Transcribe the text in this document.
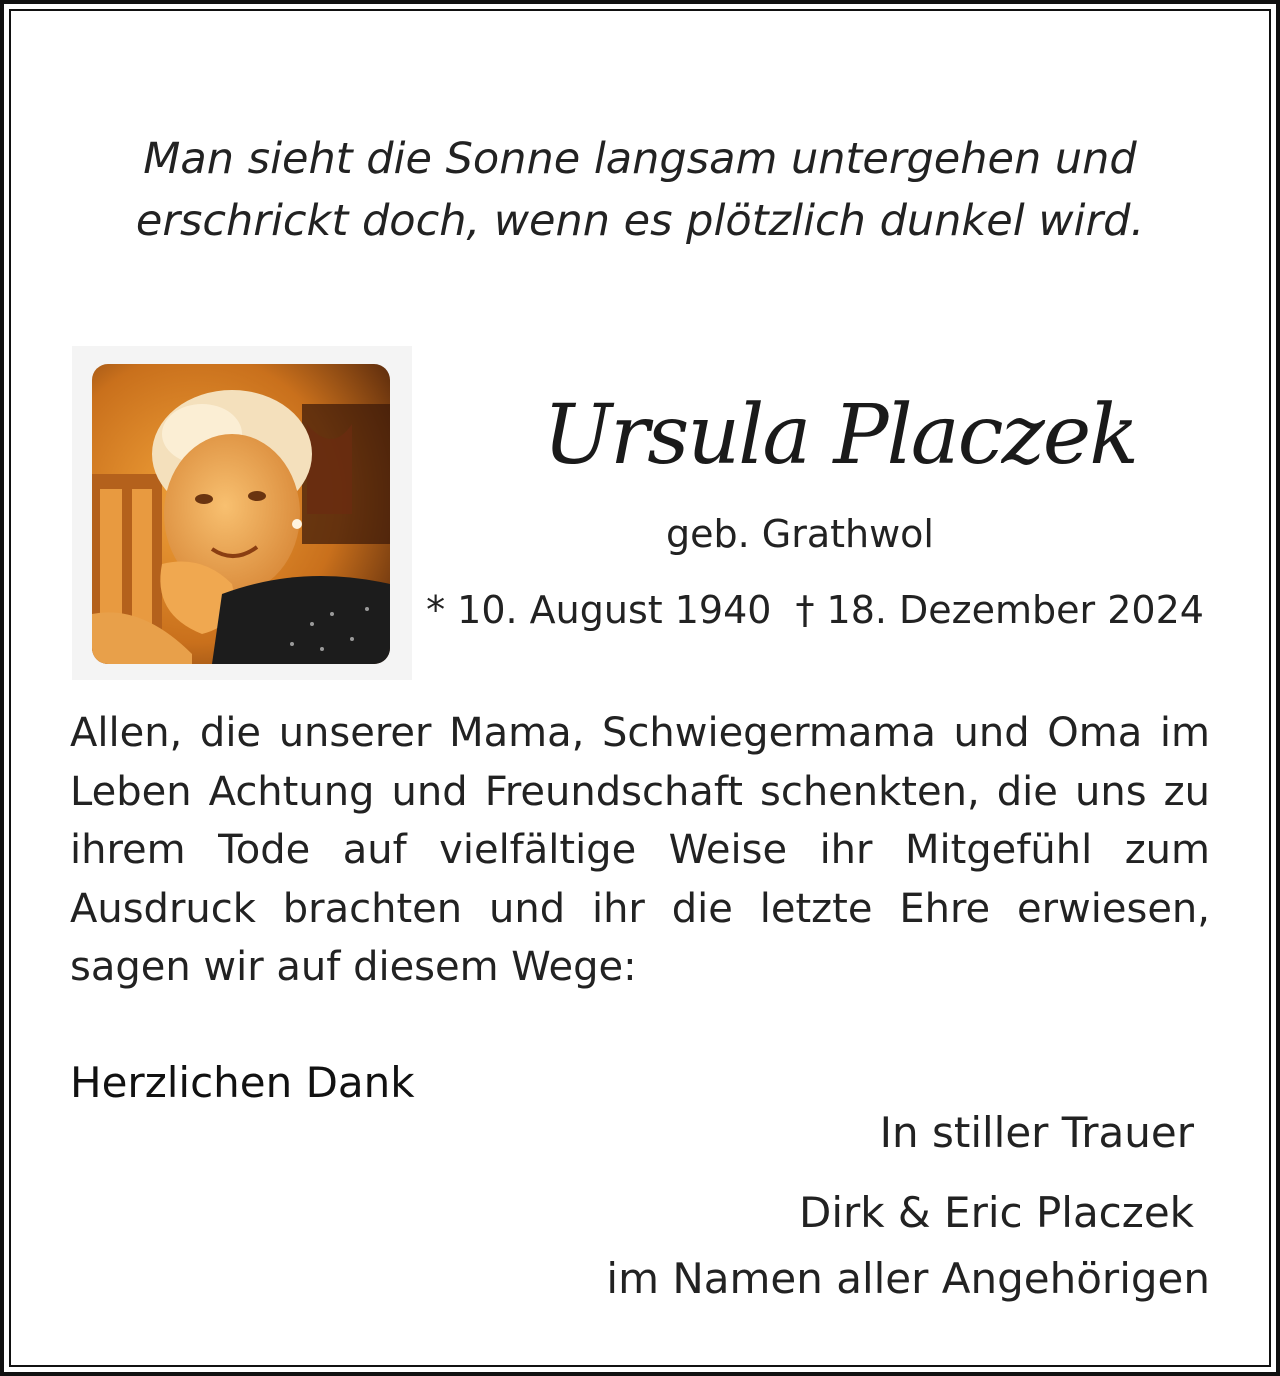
Man sieht die Sonne langsam untergehen und
erschrickt doch, wenn es plötzlich dunkel wird.
Ursula Placzek
geb. Grathwol
* 10. August 1940 † 18. Dezember 2024
Allen, die unserer Mama, Schwiegermama und Oma im
Leben Achtung und Freundschaft schenkten, die uns zu
ihrem Tode auf vielfältige Weise ihr Mitgefühl zum
Ausdruck brachten und ihr die letzte Ehre erwiesen,
sagen wir auf diesem Wege:
Herzlichen Dank
In stiller Trauer
Dirk & Eric Placzek
im Namen aller Angehörigen
